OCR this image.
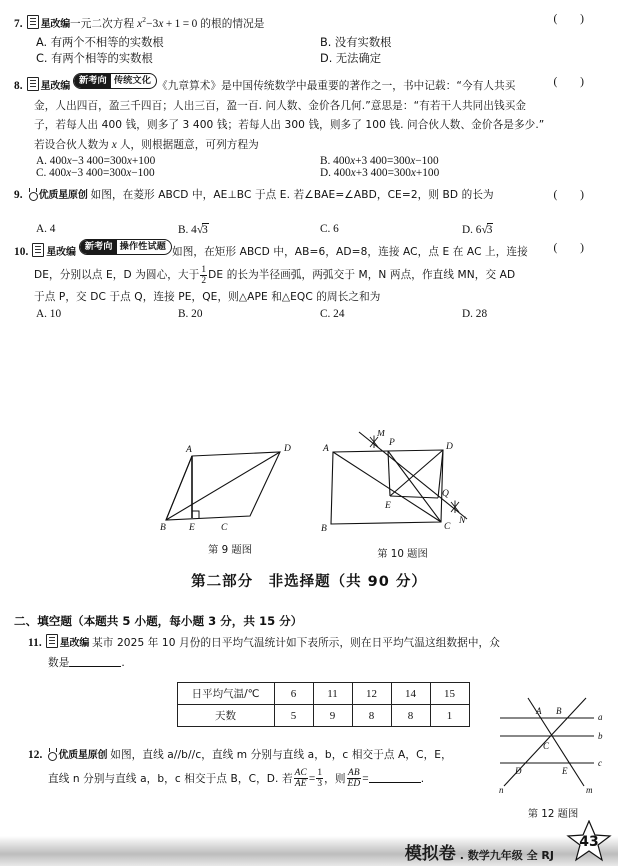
7. 星改编一元二次方程 $x^2-3x + 1 = 0$ 的根的情况是	( )
A. 有两个不相等的实数根	B. 没有实数根
C. 有两个相等的实数根	D. 无法确定
8. 星改编 新考向 传统文化 《九章算术》是中国传统数学中最重要的著作之一，书中记载：“今有人共买
金，人出四百，盈三千四百；人出三百，盈一百. 问人数、金价各几何.”意思是：“有若干人共同出钱买金
子，若每人出 400 钱，则多了 3 400 钱；若每人出 300 钱，则多了 100 钱. 问合伙人数、金价各是多少.”
若设合伙人数为 x 人，则根据题意，可列方程为
( )
A. 400x−3 400=300x+100	B. 400x+3 400=300x−100
C. 400x−3 400=300x−100	D. 400x+3 400=300x+100
9. 优质星原创 如图，在菱形 ABCD 中，AE⊥BC 于点 E. 若∠BAE=∠ABD，CE=2，则 BD 的长为	( )
A. 4	B. 4√3	C. 6	D. 6√3
10. 星改编 新考向 操作性试题 如图，在矩形 ABCD 中，AB=6，AD=8，连接 AC，点 E 在 AC 上，连接
DE，分别以点 E，D 为圆心，大于 $\frac{1}{2}$ DE 的长为半径画弧，两弧交于 M，N 两点，作直线 MN，交 AD
于点 P，交 DC 于点 Q，连接 PE，QE，则△APE 和△EQC 的周长之和为
( )
A. 10	B. 20	C. 24	D. 28
A	D
B E	C
第 9 题图
M
P
A	D
Q
E
N
B	C
第 10 题图
第二部分 非选择题（共 90 分）
二、填空题（本题共 5 小题，每小题 3 分，共 15 分）
11. 星改编 某市 2025 年 10 月份的日平均气温统计如下表所示，则在日平均气温这组数据中，众
数是	.
日平均气温/℃	6	11	12	14	15
天数	5	9	8	8	1
12. 优质星原创 如图，直线 a//b//c，直线 m 分别与直线 a，b，c 相交于点 A，C，E，
直线 n 分别与直线 a，b，c 相交于点 B，C，D. 若 $\frac{AC}{AE} = \frac{1}{3}$ ，则 $\frac{AB}{ED}$ =	.
A B
a
b
C
c
D	E
n	m
第 12 题图
模拟卷 . 数学九年级 全 RJ
43
